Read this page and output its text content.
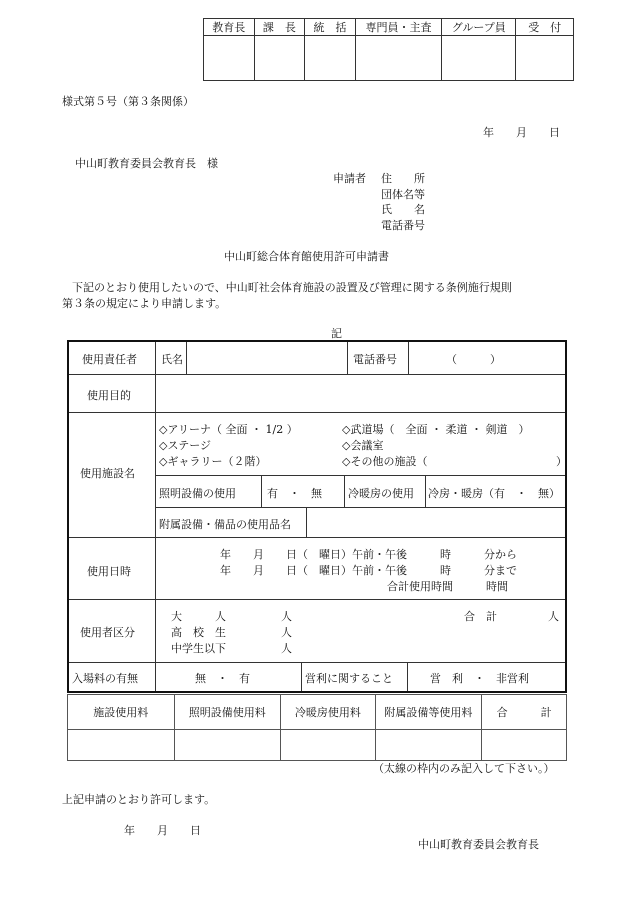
教育長	課　長	統　括	専門員・主査	グループ員	受　付

様式第５号（第３条関係）
年　　月　　日
中山町教育委員会教育長　様
申請者 住　　所
団体名等
氏　　名
電話番号
中山町総合体育館使用許可申請書
下記のとおり使用したいので、中山町社会体育施設の設置及び管理に関する条例施行規則
第３条の規定により申請します。
記
使用責任者 氏名	電話番号	（　　　）
使用目的
使用施設名
◇アリーナ（ 全面 ・ 1/2 ）	◇武道場（　全面 ・ 柔道 ・ 剣道　）
◇ステージ	◇会議室
◇ギャラリー（２階）	◇その他の施設（	）
照明設備の使用	有　・　無 冷暖房の使用 冷房・暖房（有　・　無）
附属設備・備品の使用品名
使用日時
年　　月　　日（　曜日）午前・午後　　　時　　　分から
年　　月　　日（　曜日）午前・午後　　　時　　　分まで
合計使用時間　　　時間
使用者区分
大　　　人	人
高　校　生	人
中学生以下	人
合　計	人
入場料の有無	無　・　有	営利に関すること	営　利　・　非営利
施設使用料	照明設備使用料	冷暖房使用料	附属設備等使用料	合　　　計

（太線の枠内のみ記入して下さい。）
上記申請のとおり許可します。
年　　月　　日
中山町教育委員会教育長
